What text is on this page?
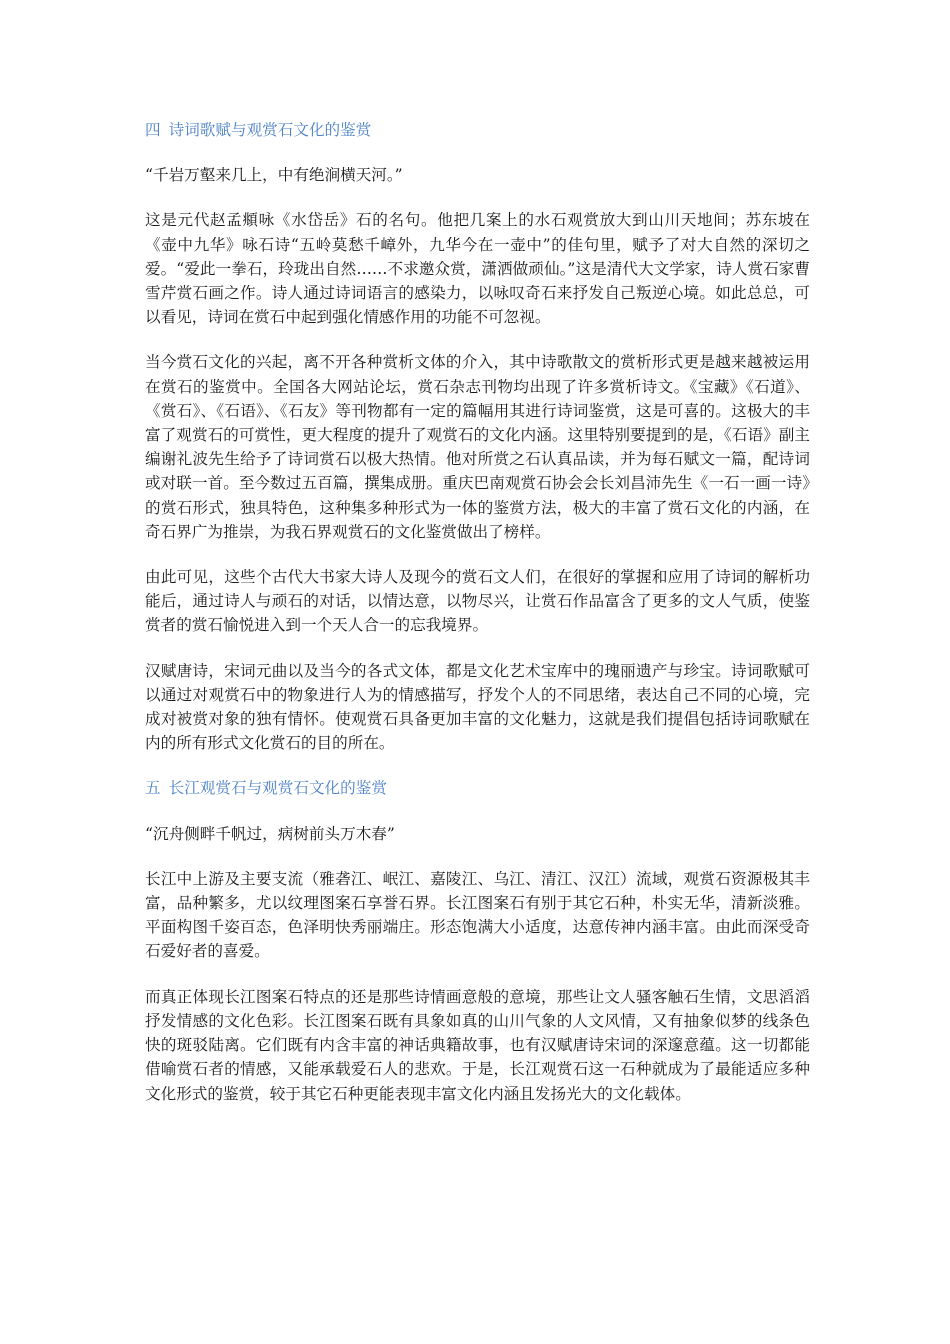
四 诗词歌赋与观赏石文化的鉴赏
“千岩万壑来几上，中有绝涧横天河。”
这是元代赵孟頫咏《水岱岳》石的名句。他把几案上的水石观赏放大到山川天地间；苏东坡在《壶中九华》咏石诗“五岭莫愁千嶂外，九华今在一壶中”的佳句里，赋予了对大自然的深切之爱。“爱此一拳石，玲珑出自然……不求邀众赏，潇洒做顽仙。”这是清代大文学家，诗人赏石家曹雪芹赏石画之作。诗人通过诗词语言的感染力，以咏叹奇石来抒发自己叛逆心境。如此总总，可以看见，诗词在赏石中起到强化情感作用的功能不可忽视。
当今赏石文化的兴起，离不开各种赏析文体的介入，其中诗歌散文的赏析形式更是越来越被运用在赏石的鉴赏中。全国各大网站论坛，赏石杂志刊物均出现了许多赏析诗文。《宝藏》《石道》、《赏石》、《石语》、《石友》等刊物都有一定的篇幅用其进行诗词鉴赏，这是可喜的。这极大的丰富了观赏石的可赏性，更大程度的提升了观赏石的文化内涵。这里特别要提到的是，《石语》副主编谢礼波先生给予了诗词赏石以极大热情。他对所赏之石认真品读，并为每石赋文一篇，配诗词或对联一首。至今数过五百篇，撰集成册。重庆巴南观赏石协会会长刘昌沛先生《一石一画一诗》的赏石形式，独具特色，这种集多种形式为一体的鉴赏方法，极大的丰富了赏石文化的内涵，在奇石界广为推崇，为我石界观赏石的文化鉴赏做出了榜样。
由此可见，这些个古代大书家大诗人及现今的赏石文人们，在很好的掌握和应用了诗词的解析功能后，通过诗人与顽石的对话，以情达意，以物尽兴，让赏石作品富含了更多的文人气质，使鉴赏者的赏石愉悦进入到一个天人合一的忘我境界。
汉赋唐诗，宋词元曲以及当今的各式文体，都是文化艺术宝库中的瑰丽遗产与珍宝。诗词歌赋可以通过对观赏石中的物象进行人为的情感描写，抒发个人的不同思绪，表达自己不同的心境，完成对被赏对象的独有情怀。使观赏石具备更加丰富的文化魅力，这就是我们提倡包括诗词歌赋在内的所有形式文化赏石的目的所在。
五 长江观赏石与观赏石文化的鉴赏
“沉舟侧畔千帆过，病树前头万木春”
长江中上游及主要支流（雅砻江、岷江、嘉陵江、乌江、清江、汉江）流域，观赏石资源极其丰富，品种繁多，尤以纹理图案石享誉石界。长江图案石有别于其它石种，朴实无华，清新淡雅。平面构图千姿百态，色泽明快秀丽端庄。形态饱满大小适度，达意传神内涵丰富。由此而深受奇石爱好者的喜爱。
而真正体现长江图案石特点的还是那些诗情画意般的意境，那些让文人骚客触石生情，文思滔滔抒发情感的文化色彩。长江图案石既有具象如真的山川气象的人文风情，又有抽象似梦的线条色快的斑驳陆离。它们既有内含丰富的神话典籍故事，也有汉赋唐诗宋词的深邃意蕴。这一切都能借喻赏石者的情感，又能承载爱石人的悲欢。于是，长江观赏石这一石种就成为了最能适应多种文化形式的鉴赏，较于其它石种更能表现丰富文化内涵且发扬光大的文化载体。
